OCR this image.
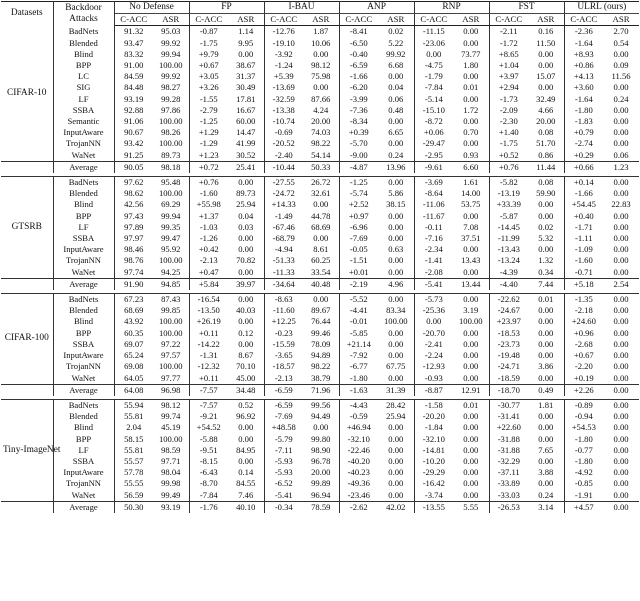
Datasets	Backdoor Attacks	No Defense		FP		I-BAU		ANP		RNP		FST		ULRL (ours)	
		C-ACC	ASR	C-ACC	ASR	C-ACC	ASR	C-ACC	ASR	C-ACC	ASR	C-ACC	ASR	C-ACC	ASR
CIFAR-10	BadNets	91.32	95.03	-0.87	1.14	-12.76	1.87	-8.41	0.02	-11.15	0.00	-2.11	0.16	-2.36	2.70
	Blended	93.47	99.92	-1.75	9.95	-19.10	10.06	-6.50	5.22	-23.06	0.00	-1.72	11.50	-1.64	0.54
	Blind	83.32	99.94	+9.79	0.00	-3.92	0.00	-0.40	99.92	0.00	73.77	+8.65	0.00	+8.93	0.00
	BPP	91.00	100.00	+0.67	38.67	-1.24	98.12	-6.59	6.68	-4.75	1.80	+1.04	0.00	+0.86	0.09
	LC	84.59	99.92	+3.05	31.37	+5.39	75.98	-1.66	0.00	-1.79	0.00	+3.97	15.07	+4.13	11.56
	SIG	84.48	98.27	+3.26	30.49	-13.69	0.00	-6.20	0.04	-7.84	0.01	+2.94	0.00	+3.60	0.00
	LF	93.19	99.28	-1.55	17.81	-32.59	87.66	-3.99	0.06	-5.14	0.00	-1.73	32.49	-1.64	0.24
	SSBA	92.88	97.86	-2.79	16.67	-13.38	4.24	-7.36	0.48	-15.10	1.72	-2.09	4.66	-1.80	0.00
	Semantic	91.06	100.00	-1.25	60.00	-10.74	20.00	-8.34	0.00	-8.72	0.00	-2.30	20.00	-1.83	0.00
	InputAware	90.67	98.26	+1.29	14.47	-0.69	74.03	+0.39	6.65	+0.06	0.70	+1.40	0.08	+0.79	0.00
	TrojanNN	93.42	100.00	-1.29	41.99	-20.52	98.22	-5.70	0.00	-29.47	0.00	-1.75	51.70	-2.74	0.00
	WaNet	91.25	89.73	+1.23	30.52	-2.40	54.14	-9.00	0.24	-2.95	0.93	+0.52	0.86	+0.29	0.06
	Average	90.05	98.18	+0.72	25.41	-10.44	50.33	-4.87	13.96	-9.61	6.60	+0.76	11.44	+0.66	1.23

GTSRB	BadNets	97.62	95.48	+0.76	0.00	-27.55	26.72	-1.25	0.00	-3.69	1.61	-5.82	0.08	+0.14	0.00
	Blended	98.62	100.00	-1.60	89.73	-24.72	32.61	-5.74	5.86	-8.64	14.00	-13.19	59.90	-1.66	0.00
	Blind	42.56	69.29	+55.98	25.94	+14.33	0.00	+2.52	38.15	-11.06	53.75	+33.39	0.00	+54.45	22.83
	BPP	97.43	99.94	+1.37	0.04	-1.49	44.78	+0.97	0.00	-11.67	0.00	-5.87	0.00	+0.40	0.00
	LF	97.89	99.35	-1.03	0.03	-67.46	68.69	-6.96	0.00	-0.11	7.08	-14.45	0.02	-1.71	0.00
	SSBA	97.97	99.47	-1.26	0.00	-68.79	0.00	-7.69	0.00	-7.16	37.51	-11.99	5.32	-1.11	0.00
	InputAware	98.46	95.92	+0.42	0.00	-4.94	8.61	-0.05	0.63	-2.34	0.00	-13.43	0.00	-1.09	0.00
	TrojanNN	98.76	100.00	-2.13	70.82	-51.33	60.25	-1.51	0.00	-1.41	13.43	-13.24	1.32	-1.60	0.00
	WaNet	97.74	94.25	+0.47	0.00	-11.33	33.54	+0.01	0.00	-2.08	0.00	-4.39	0.34	-0.71	0.00
	Average	91.90	94.85	+5.84	39.97	-34.64	40.48	-2.19	4.96	-5.41	13.44	-4.40	7.44	+5.18	2.54

CIFAR-100	BadNets	67.23	87.43	-16.54	0.00	-8.63	0.00	-5.52	0.00	-5.73	0.00	-22.62	0.01	-1.35	0.00
	Blended	68.69	99.85	-13.50	40.03	-11.60	89.67	-4.41	83.34	-25.36	3.19	-24.67	0.00	-2.18	0.00
	Blind	43.92	100.00	+26.19	0.00	+12.25	76.44	-0.01	100.00	0.00	100.00	+23.97	0.00	+24.60	0.00
	BPP	60.35	100.00	+0.11	0.12	-0.23	99.46	-5.85	0.00	-20.70	0.00	-18.53	0.00	+0.96	0.00
	SSBA	69.07	97.22	-14.22	0.00	-15.59	78.09	+21.14	0.00	-2.41	0.00	-23.73	0.00	-2.68	0.00
	InputAware	65.24	97.57	-1.31	8.67	-3.65	94.89	-7.92	0.00	-2.24	0.00	-19.48	0.00	+0.67	0.00
	TrojanNN	69.08	100.00	-12.32	70.10	-18.57	98.22	-6.77	67.75	-12.93	0.00	-24.71	3.86	-2.20	0.00
	WaNet	64.05	97.77	+0.11	45.00	-2.13	38.79	-1.80	0.00	-0.93	0.00	-18.59	0.00	+0.19	0.00
	Average	64.08	96.98	-7.57	34.48	-6.59	71.96	-1.63	31.39	-8.87	12.91	-18.70	0.49	+2.26	0.00

Tiny-ImageNet	BadNets	55.94	98.12	-7.57	0.52	-6.59	99.56	-4.43	28.42	-1.58	0.01	-30.77	1.81	-0.89	0.00
	Blended	55.81	99.74	-9.21	96.92	-7.69	94.49	-0.59	25.94	-20.20	0.00	-31.41	0.00	-0.94	0.00
	Blind	2.04	45.19	+54.52	0.00	+48.58	0.00	+46.94	0.00	-1.84	0.00	+22.60	0.00	+54.53	0.00
	BPP	58.15	100.00	-5.88	0.00	-5.79	99.80	-32.10	0.00	-32.10	0.00	-31.88	0.00	-1.80	0.00
	LF	55.81	98.59	-9.51	84.95	-7.11	98.90	-22.46	0.00	-14.81	0.00	-31.88	7.65	-0.77	0.00
	SSBA	55.57	97.71	-8.15	0.00	-5.93	96.78	-40.20	0.00	-10.20	0.00	-32.29	0.00	-1.80	0.00
	InputAware	57.78	98.04	-6.43	0.14	-5.93	20.00	-40.23	0.00	-29.29	0.00	-37.11	3.88	-4.92	0.00
	TrojanNN	55.55	99.98	-8.70	84.55	-6.52	99.89	-49.36	0.00	-16.42	0.00	-33.89	0.00	-0.85	0.00
	WaNet	56.59	99.49	-7.84	7.46	-5.41	96.94	-23.46	0.00	-3.74	0.00	-33.03	0.24	-1.91	0.00
	Average	50.30	93.19	-1.76	40.10	-0.34	78.59	-2.62	42.02	-13.55	5.55	-26.53	3.14	+4.57	0.00
